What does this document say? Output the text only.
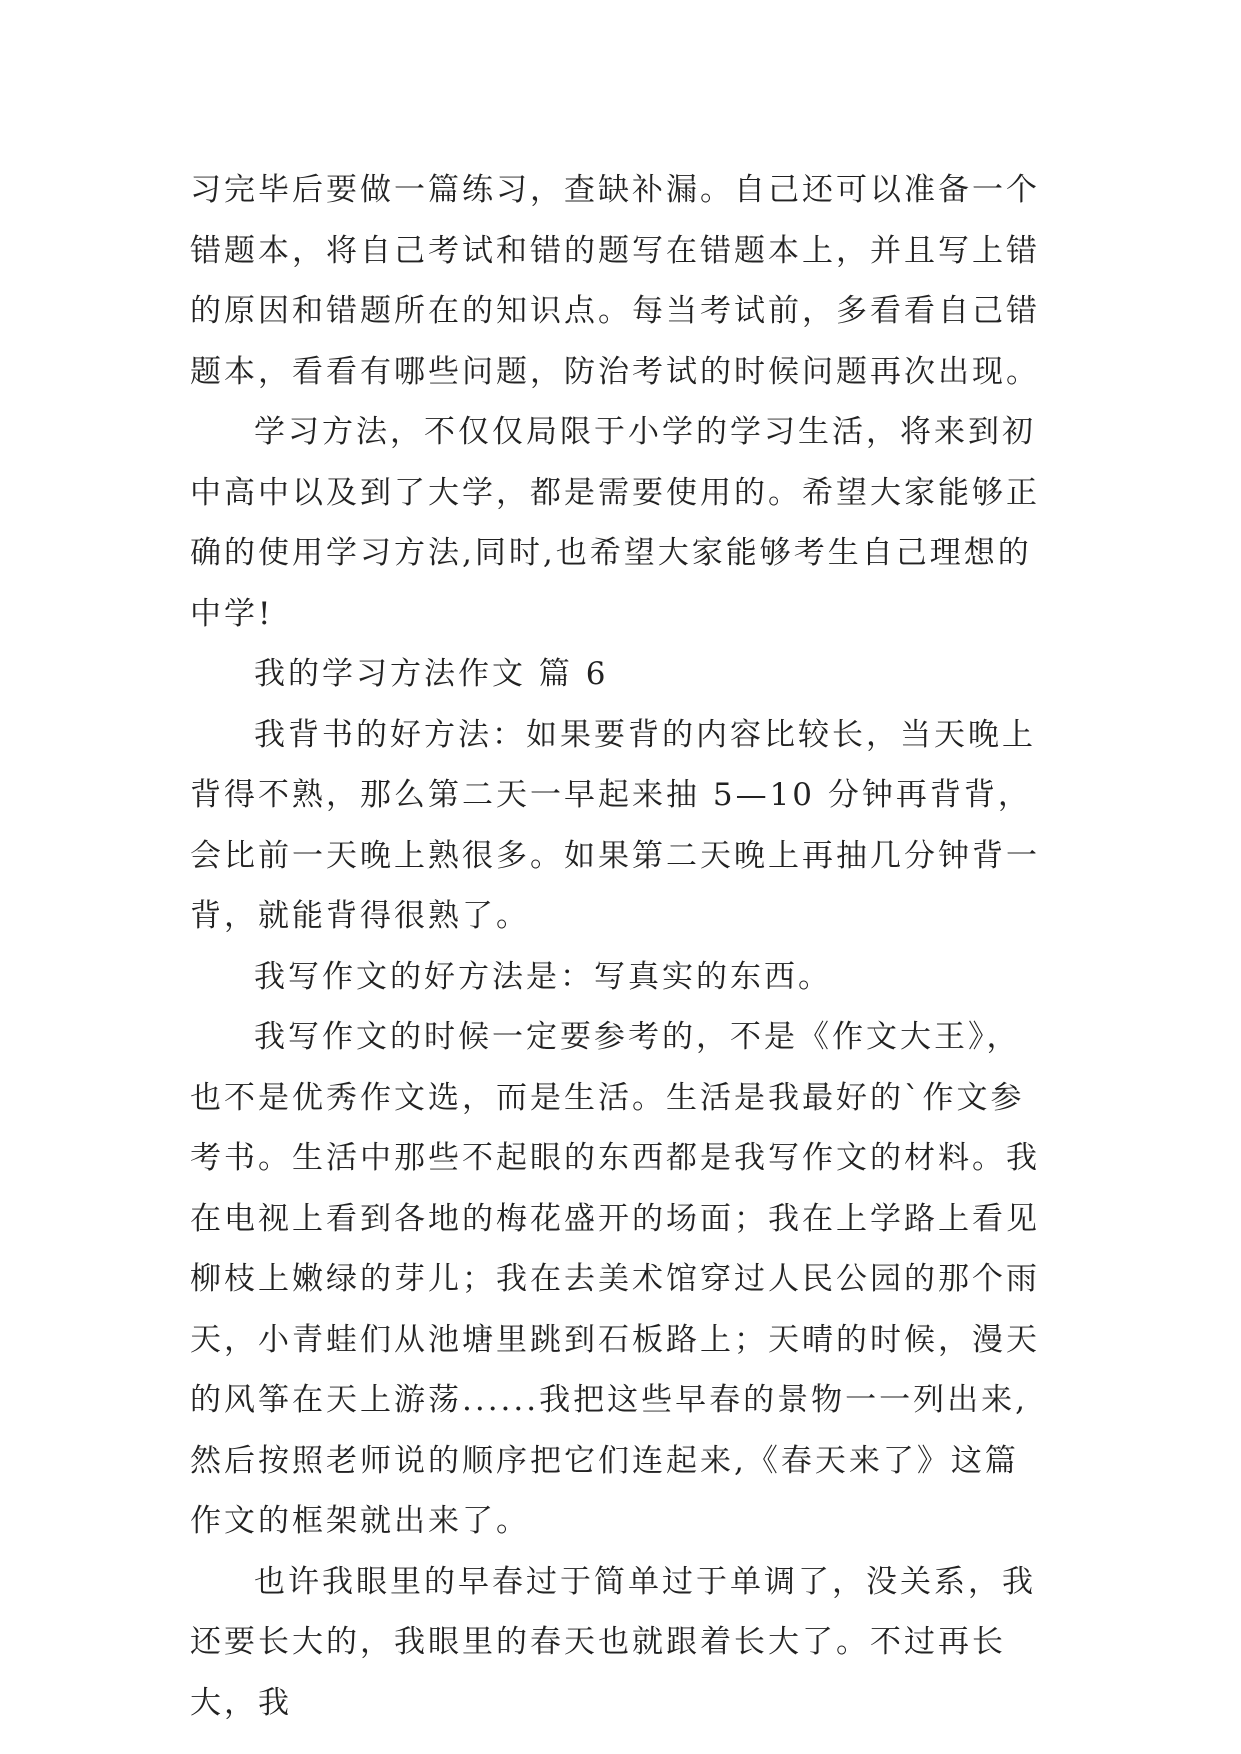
习完毕后要做一篇练习，查缺补漏。自己还可以准备一个错题本，将自己考试和错的题写在错题本上，并且写上错的原因和错题所在的知识点。每当考试前，多看看自己错题本，看看有哪些问题，防治考试的时候问题再次出现。

学习方法，不仅仅局限于小学的学习生活，将来到初中高中以及到了大学，都是需要使用的。希望大家能够正确的使用学习方法,同时,也希望大家能够考生自己理想的中学!

我的学习方法作文 篇 6

我背书的好方法：如果要背的内容比较长，当天晚上背得不熟，那么第二天一早起来抽 5—10 分钟再背背，会比前一天晚上熟很多。如果第二天晚上再抽几分钟背一背，就能背得很熟了。

我写作文的好方法是：写真实的东西。

我写作文的时候一定要参考的，不是《作文大王》，也不是优秀作文选，而是生活。生活是我最好的`作文参考书。生活中那些不起眼的东西都是我写作文的材料。我在电视上看到各地的梅花盛开的场面；我在上学路上看见柳枝上嫩绿的芽儿；我在去美术馆穿过人民公园的那个雨天，小青蛙们从池塘里跳到石板路上；天晴的时候，漫天的风筝在天上游荡......我把这些早春的景物一一列出来,然后按照老师说的顺序把它们连起来,《春天来了》这篇作文的框架就出来了。

也许我眼里的早春过于简单过于单调了，没关系，我还要长大的，我眼里的春天也就跟着长大了。不过再长大，我
